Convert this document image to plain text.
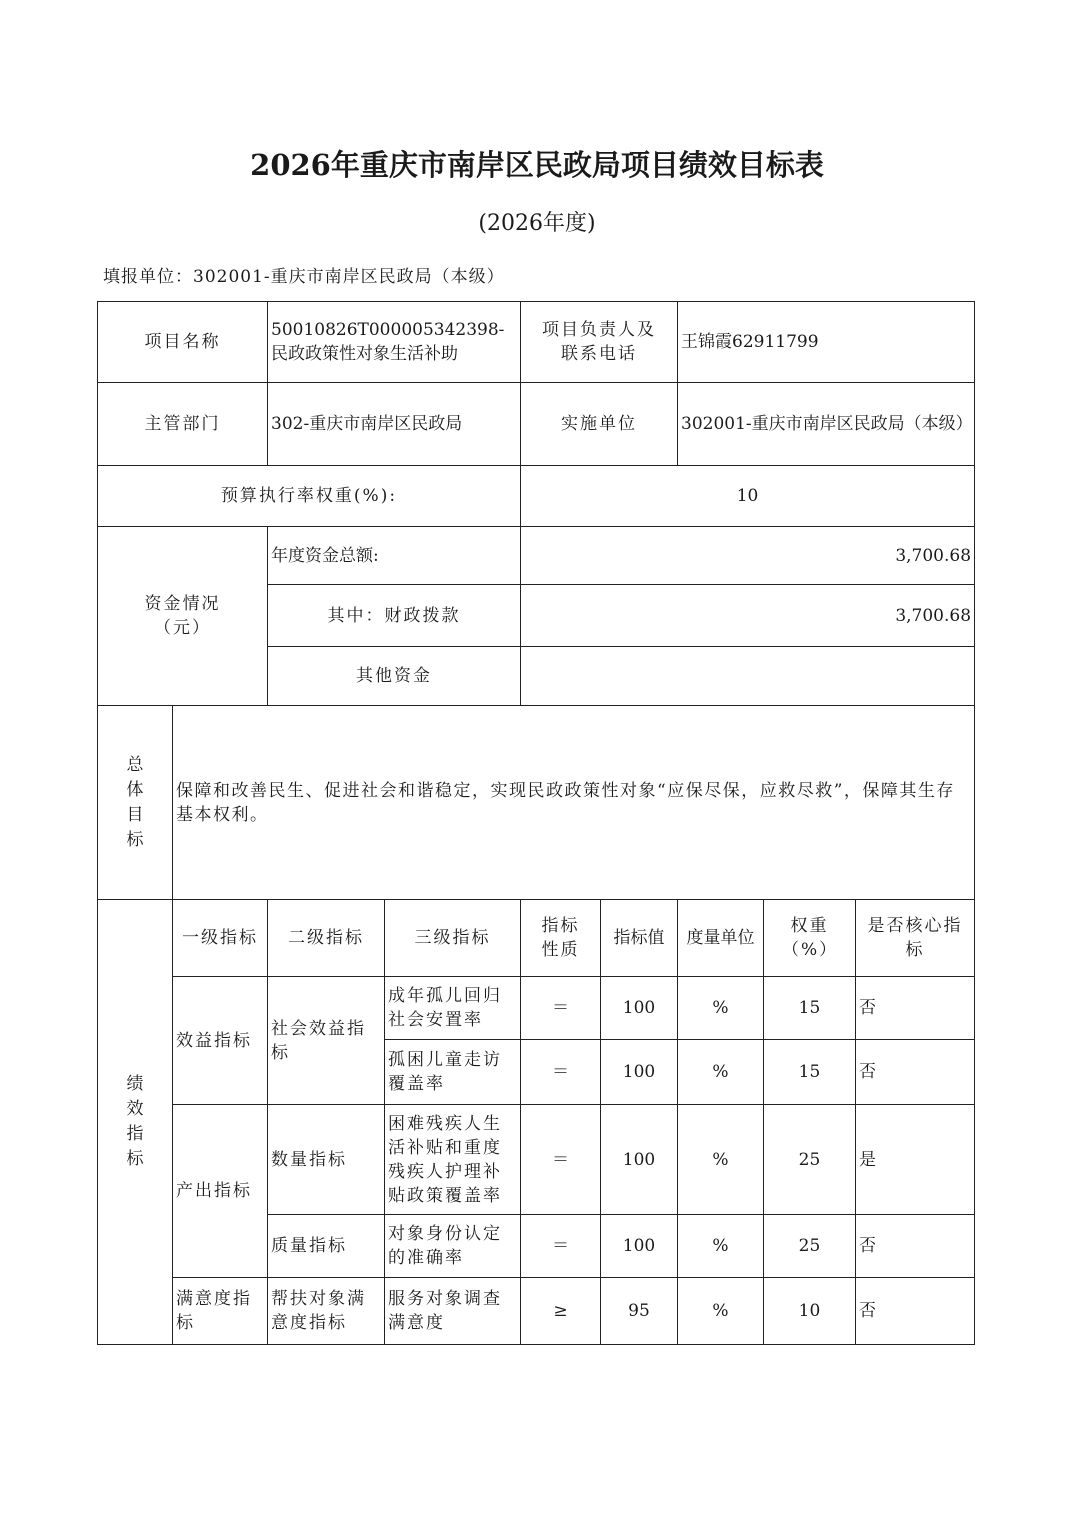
2026年重庆市南岸区民政局项目绩效目标表
(2026年度)
填报单位：302001-重庆市南岸区民政局（本级）
项目名称		50010826T000005342398-民政政策性对象生活补助		项目负责人及联系电话		王锦霞62911799		
主管部门		302-重庆市南岸区民政局		实施单位		302001-重庆市南岸区民政局（本级）		
预算执行率权重(%):				10				
资金情况（元）		年度资金总额:		3,700.68				
		其中：财政拨款		3,700.68				
		其他资金						

总
体
目
标	保障和改善民生、促进社会和谐稳定，实现民政政策性对象“应保尽保，应救尽救”，保障其生存基本权利。							

绩
效
指
标	一级指标	二级指标	三级指标	指标性质	指标值	度量单位	权重（%）	是否核心指标
	效益指标	社会效益指标	成年孤儿回归社会安置率	＝	100	%	15	否
			孤困儿童走访覆盖率	＝	100	%	15	否
	产出指标	数量指标	困难残疾人生活补贴和重度残疾人护理补贴政策覆盖率	＝	100	%	25	是
		质量指标	对象身份认定的准确率	＝	100	%	25	否
	满意度指标	帮扶对象满意度指标	服务对象调查满意度	≥	95	%	10	否
